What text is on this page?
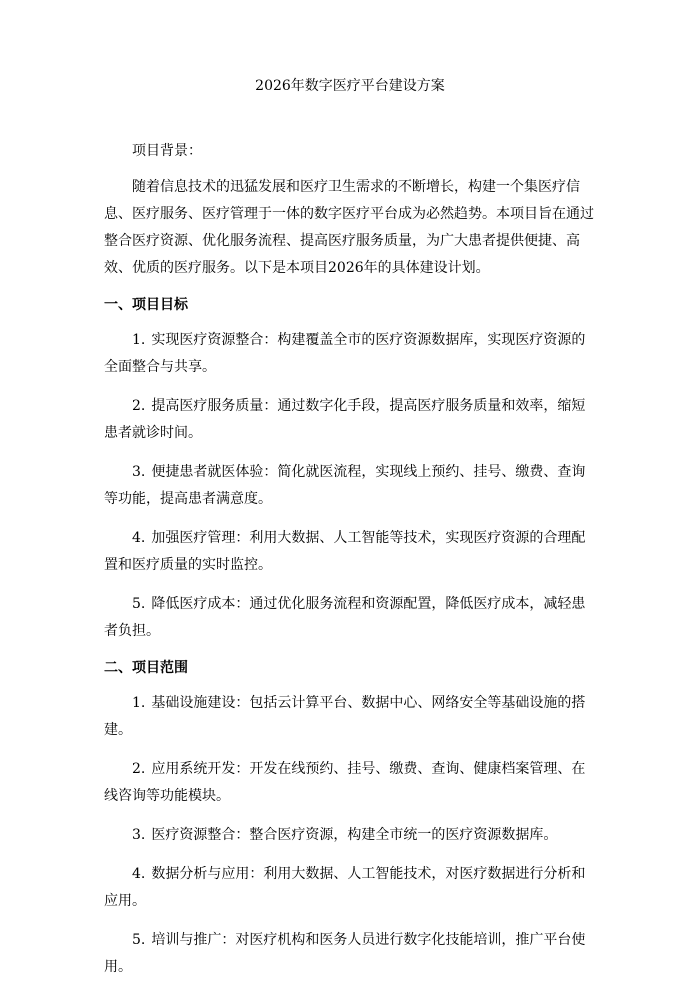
2026年数字医疗平台建设方案

项目背景：

随着信息技术的迅猛发展和医疗卫生需求的不断增长，构建一个集医疗信息、医疗服务、医疗管理于一体的数字医疗平台成为必然趋势。本项目旨在通过整合医疗资源、优化服务流程、提高医疗服务质量，为广大患者提供便捷、高效、优质的医疗服务。以下是本项目2026年的具体建设计划。

一、项目目标

1. 实现医疗资源整合：构建覆盖全市的医疗资源数据库，实现医疗资源的全面整合与共享。

2. 提高医疗服务质量：通过数字化手段，提高医疗服务质量和效率，缩短患者就诊时间。

3. 便捷患者就医体验：简化就医流程，实现线上预约、挂号、缴费、查询等功能，提高患者满意度。

4. 加强医疗管理：利用大数据、人工智能等技术，实现医疗资源的合理配置和医疗质量的实时监控。

5. 降低医疗成本：通过优化服务流程和资源配置，降低医疗成本，减轻患者负担。

二、项目范围

1. 基础设施建设：包括云计算平台、数据中心、网络安全等基础设施的搭建。

2. 应用系统开发：开发在线预约、挂号、缴费、查询、健康档案管理、在线咨询等功能模块。

3. 医疗资源整合：整合医疗资源，构建全市统一的医疗资源数据库。

4. 数据分析与应用：利用大数据、人工智能技术，对医疗数据进行分析和应用。

5. 培训与推广：对医疗机构和医务人员进行数字化技能培训，推广平台使用。
